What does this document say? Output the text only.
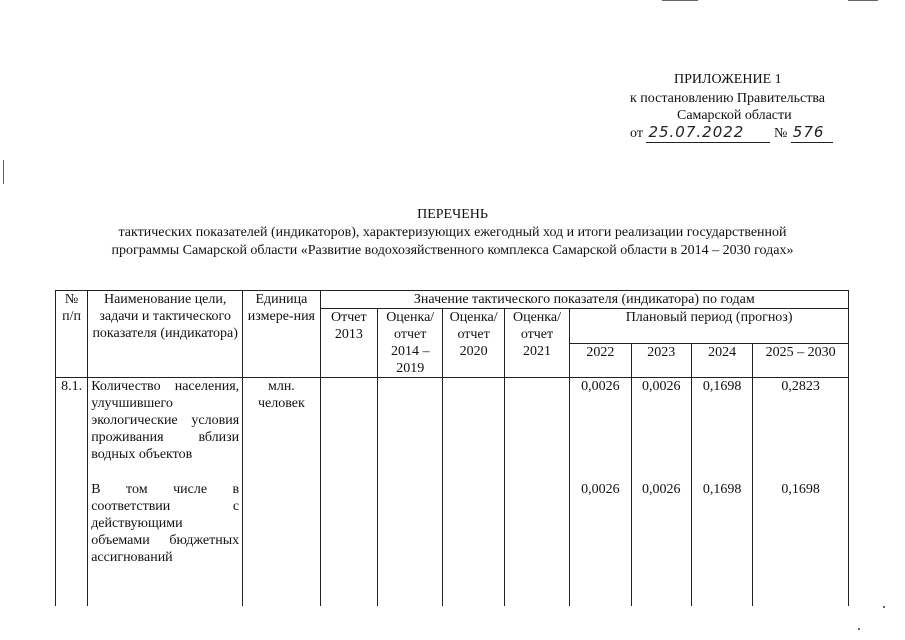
ПРИЛОЖЕНИЕ 1
к постановлению Правительства
Самарской области
от 25.07.2022 № 576
ПЕРЕЧЕНЬ
тактических показателей (индикаторов), характеризующих ежегодный ход и итоги реализации государственной
программы Самарской области «Развитие водохозяйственного комплекса Самарской области в 2014 – 2030 годах»
№ п/п	Наименование цели, задачи и тактического показателя (индикатора)	Единица измере-ния	Значение тактического показателя (индикатора) по годам							
			Отчет 2013	Оценка/ отчет 2014 – 2019	Оценка/ отчет 2020	Оценка/ отчет 2021	Плановый период (прогноз)			
							2022	2023	2024	2025 – 2030
8.1.	Количество населения, улучшившего экологические условия проживания вблизи водных объектов	млн. человек					0,0026	0,0026	0,1698	0,2823

	В том числе в соответствии с действующими объемами бюджетных ассигнований						0,0026	0,0026	0,1698	0,1698
